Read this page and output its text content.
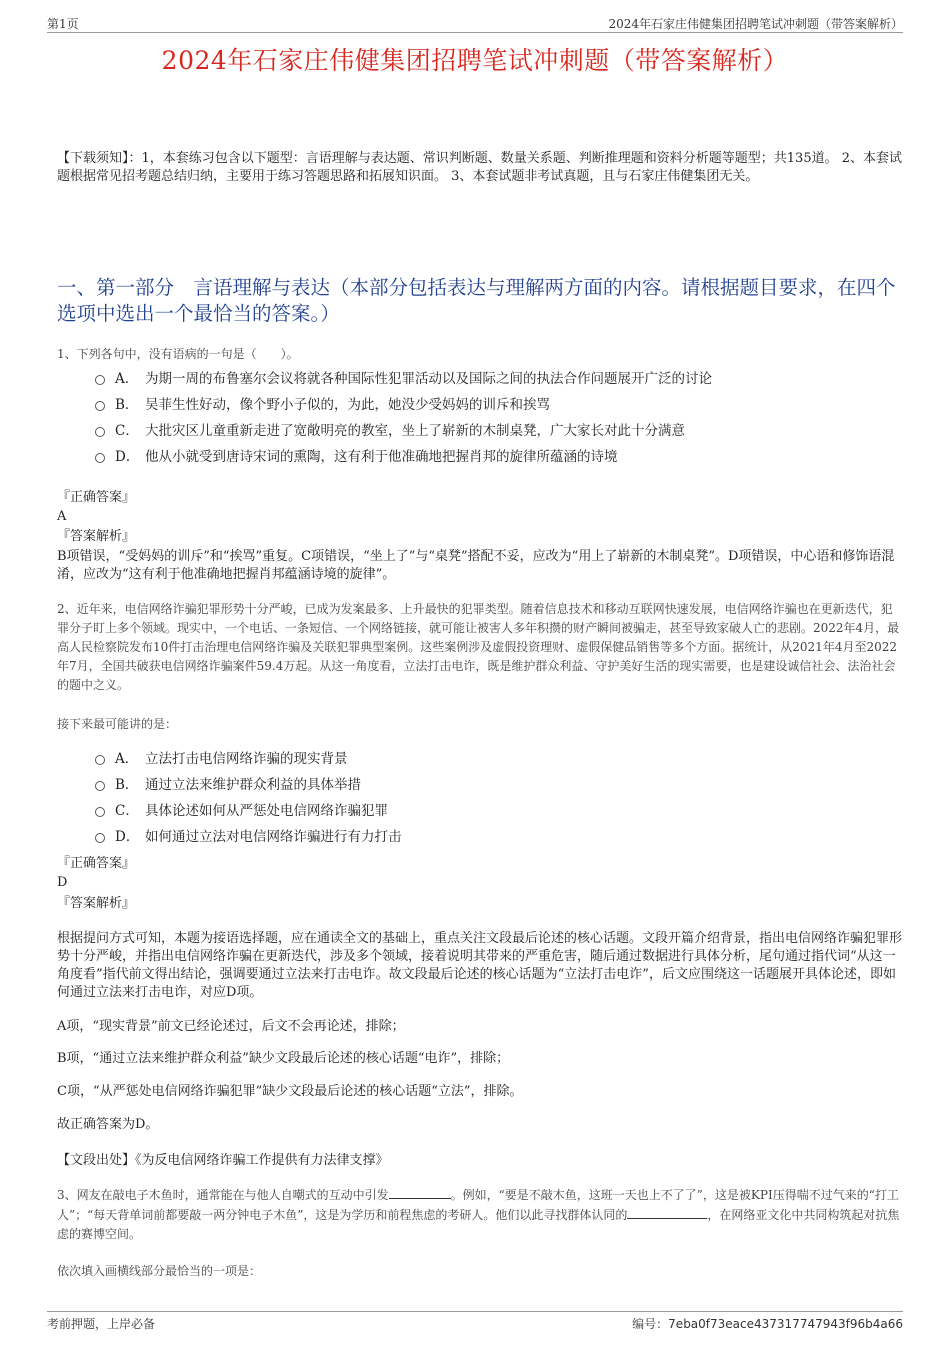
第1页	2024年石家庄伟健集团招聘笔试冲刺题（带答案解析）
2024年石家庄伟健集团招聘笔试冲刺题（带答案解析）
【下载须知】：1，本套练习包含以下题型：言语理解与表达题、常识判断题、数量关系题、判断推理题和资料分析题等题型；共135道。 2、本套试题根据常见招考题总结归纳，主要用于练习答题思路和拓展知识面。 3、本套试题非考试真题，且与石家庄伟健集团无关。
一、第一部分　言语理解与表达（本部分包括表达与理解两方面的内容。请根据题目要求，在四个选项中选出一个最恰当的答案。）
1、下列各句中，没有语病的一句是（　　）。
A． 为期一周的布鲁塞尔会议将就各种国际性犯罪活动以及国际之间的执法合作问题展开广泛的讨论
B． 吴菲生性好动，像个野小子似的，为此，她没少受妈妈的训斥和挨骂
C． 大批灾区儿童重新走进了宽敞明亮的教室，坐上了崭新的木制桌凳，广大家长对此十分满意
D． 他从小就受到唐诗宋词的熏陶，这有利于他准确地把握肖邦的旋律所蕴涵的诗境
『正确答案』
A
『答案解析』
B项错误，“受妈妈的训斥”和“挨骂”重复。C项错误，“坐上了”与“桌凳”搭配不妥，应改为“用上了崭新的木制桌凳”。D项错误，中心语和修饰语混淆，应改为“这有利于他准确地把握肖邦蕴涵诗境的旋律”。
2、近年来，电信网络诈骗犯罪形势十分严峻，已成为发案最多、上升最快的犯罪类型。随着信息技术和移动互联网快速发展，电信网络诈骗也在更新迭代，犯罪分子盯上多个领域。现实中，一个电话、一条短信、一个网络链接，就可能让被害人多年积攒的财产瞬间被骗走，甚至导致家破人亡的悲剧。2022年4月，最高人民检察院发布10件打击治理电信网络诈骗及关联犯罪典型案例。这些案例涉及虚假投资理财、虚假保健品销售等多个方面。据统计，从2021年4月至2022年7月，全国共破获电信网络诈骗案件59.4万起。从这一角度看，立法打击电诈，既是维护群众利益、守护美好生活的现实需要，也是建设诚信社会、法治社会的题中之义。
接下来最可能讲的是：
A． 立法打击电信网络诈骗的现实背景
B． 通过立法来维护群众利益的具体举措
C． 具体论述如何从严惩处电信网络诈骗犯罪
D． 如何通过立法对电信网络诈骗进行有力打击
『正确答案』
D
『答案解析』
根据提问方式可知，本题为接语选择题，应在通读全文的基础上，重点关注文段最后论述的核心话题。文段开篇介绍背景，指出电信网络诈骗犯罪形势十分严峻，并指出电信网络诈骗在更新迭代，涉及多个领域，接着说明其带来的严重危害，随后通过数据进行具体分析，尾句通过指代词“从这一角度看”指代前文得出结论，强调要通过立法来打击电诈。故文段最后论述的核心话题为“立法打击电诈”，后文应围绕这一话题展开具体论述，即如何通过立法来打击电诈，对应D项。
A项，“现实背景”前文已经论述过，后文不会再论述，排除；
B项，“通过立法来维护群众利益”缺少文段最后论述的核心话题“电诈”，排除；
C项，“从严惩处电信网络诈骗犯罪”缺少文段最后论述的核心话题“立法”，排除。
故正确答案为D。
【文段出处】《为反电信网络诈骗工作提供有力法律支撑》
3、网友在敲电子木鱼时，通常能在与他人自嘲式的互动中引发	。例如，“要是不敲木鱼，这班一天也上不了了”，这是被KPI压得喘不过气来的“打工人”；“每天背单词前都要敲一两分钟电子木鱼”，这是为学历和前程焦虑的考研人。他们以此寻找群体认同的	，在网络亚文化中共同构筑起对抗焦虑的赛博空间。
依次填入画横线部分最恰当的一项是：
考前押题，上岸必备	编号：7eba0f73eace437317747943f96b4a66
